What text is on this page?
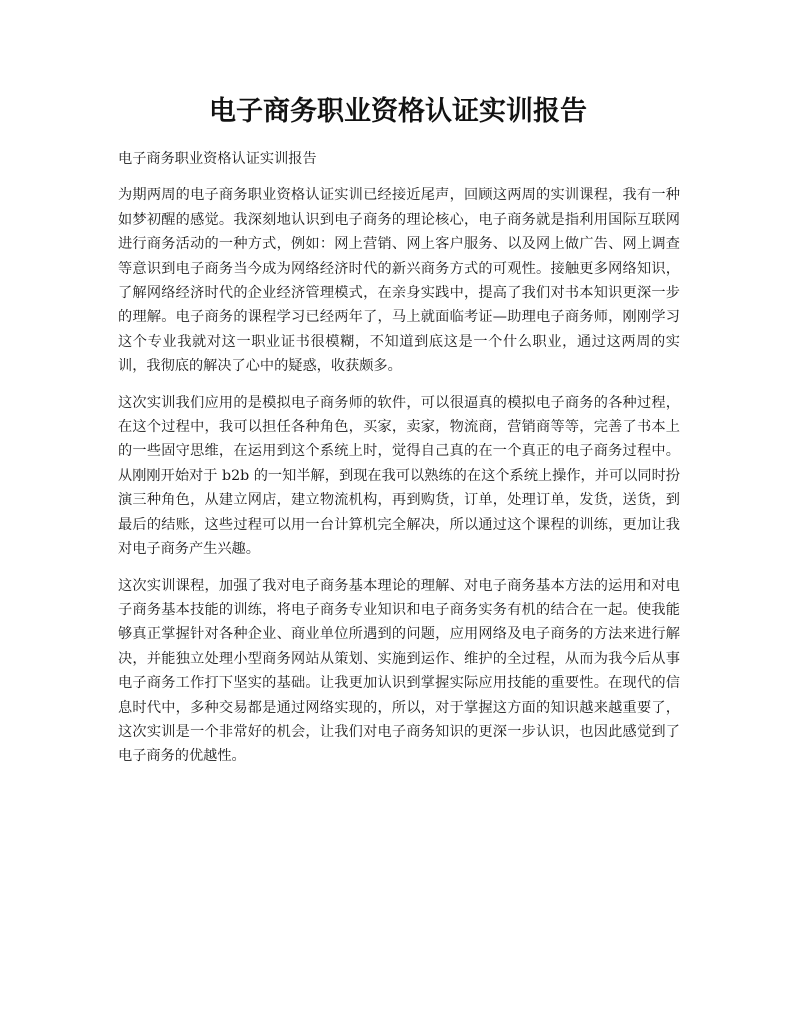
电子商务职业资格认证实训报告

电子商务职业资格认证实训报告

为期两周的电子商务职业资格认证实训已经接近尾声，回顾这两周的实训课程，我有一种如梦初醒的感觉。我深刻地认识到电子商务的理论核心，电子商务就是指利用国际互联网进行商务活动的一种方式，例如：网上营销、网上客户服务、以及网上做广告、网上调查等意识到电子商务当今成为网络经济时代的新兴商务方式的可观性。接触更多网络知识，了解网络经济时代的企业经济管理模式，在亲身实践中，提高了我们对书本知识更深一步的理解。电子商务的课程学习已经两年了，马上就面临考证—助理电子商务师，刚刚学习这个专业我就对这一职业证书很模糊，不知道到底这是一个什么职业，通过这两周的实训，我彻底的解决了心中的疑惑，收获颇多。

这次实训我们应用的是模拟电子商务师的软件，可以很逼真的模拟电子商务的各种过程，在这个过程中，我可以担任各种角色，买家，卖家，物流商，营销商等等，完善了书本上的一些固守思维，在运用到这个系统上时，觉得自己真的在一个真正的电子商务过程中。从刚刚开始对于 b2b 的一知半解，到现在我可以熟练的在这个系统上操作，并可以同时扮演三种角色，从建立网店，建立物流机构，再到购货，订单，处理订单，发货，送货，到最后的结账，这些过程可以用一台计算机完全解决，所以通过这个课程的训练，更加让我对电子商务产生兴趣。

这次实训课程，加强了我对电子商务基本理论的理解、对电子商务基本方法的运用和对电子商务基本技能的训练，将电子商务专业知识和电子商务实务有机的结合在一起。使我能够真正掌握针对各种企业、商业单位所遇到的问题，应用网络及电子商务的方法来进行解决，并能独立处理小型商务网站从策划、实施到运作、维护的全过程，从而为我今后从事电子商务工作打下坚实的基础。让我更加认识到掌握实际应用技能的重要性。在现代的信息时代中，多种交易都是通过网络实现的，所以，对于掌握这方面的知识越来越重要了，这次实训是一个非常好的机会，让我们对电子商务知识的更深一步认识，也因此感觉到了电子商务的优越性。
